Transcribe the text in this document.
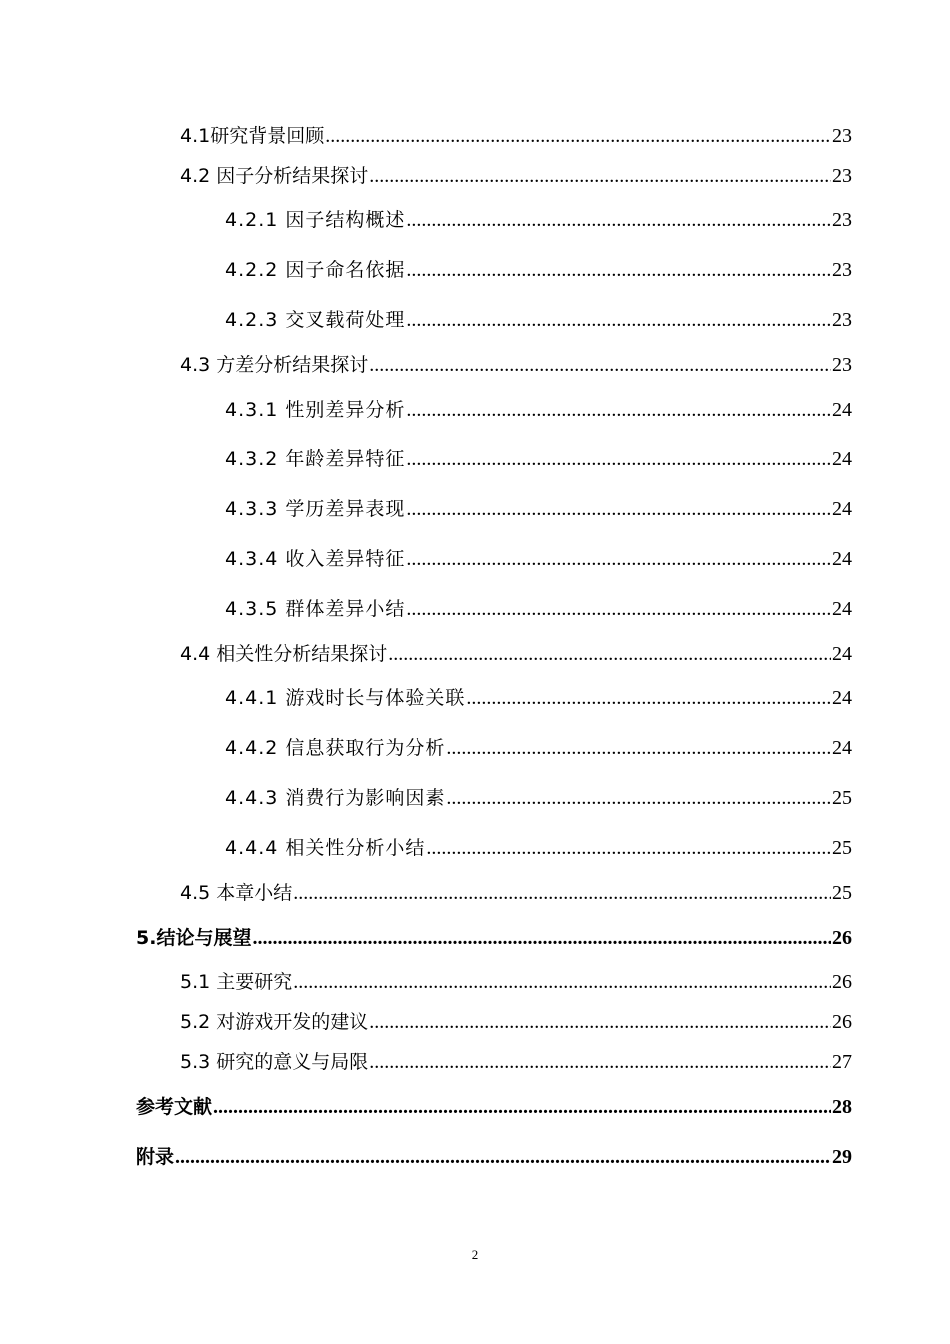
4.1研究背景回顾 .....	23
4.2 因子分析结果探讨 .....	23
4.2.1 因子结构概述 .....	23
4.2.2 因子命名依据 .....	23
4.2.3 交叉载荷处理 .....	23
4.3 方差分析结果探讨 .....	23
4.3.1 性别差异分析 .....	24
4.3.2 年龄差异特征 .....	24
4.3.3 学历差异表现 .....	24
4.3.4 收入差异特征 .....	24
4.3.5 群体差异小结 .....	24
4.4 相关性分析结果探讨 .....	24
4.4.1 游戏时长与体验关联 .....	24
4.4.2 信息获取行为分析 .....	24
4.4.3 消费行为影响因素 .....	25
4.4.4 相关性分析小结 .....	25
4.5 本章小结 .....	25
5.结论与展望 .....	26
5.1 主要研究 .....	26
5.2 对游戏开发的建议 .....	26
5.3 研究的意义与局限 .....	27
参考文献 .....	28
附录 .....	29
2
